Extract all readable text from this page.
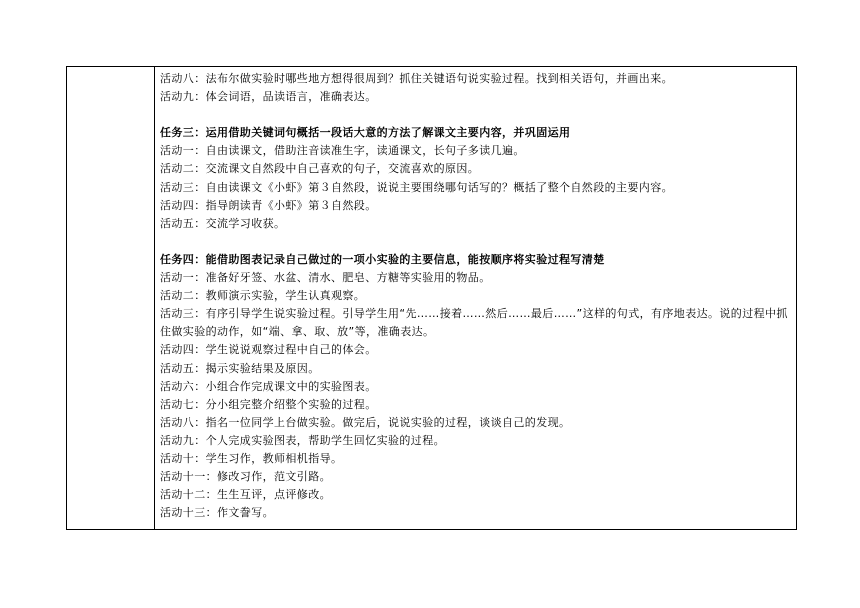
活动八：法布尔做实验时哪些地方想得很周到？抓住关键语句说实验过程。找到相关语句，并画出来。
活动九：体会词语，品读语言，准确表达。
任务三：运用借助关键词句概括一段话大意的方法了解课文主要内容，并巩固运用
活动一：自由读课文，借助注音读准生字，读通课文，长句子多读几遍。
活动二：交流课文自然段中自己喜欢的句子，交流喜欢的原因。
活动三：自由读课文《小虾》第３自然段，说说主要围绕哪句话写的？概括了整个自然段的主要内容。
活动四：指导朗读青《小虾》第３自然段。
活动五：交流学习收获。
任务四：能借助图表记录自己做过的一项小实验的主要信息，能按顺序将实验过程写清楚
活动一：准备好牙签、水盆、清水、肥皂、方糖等实验用的物品。
活动二：教师演示实验，学生认真观察。
活动三：有序引导学生说实验过程。引导学生用“先……接着……然后……最后……”这样的句式，有序地表达。说的过程中抓住做实验的动作，如“端、拿、取、放”等，准确表达。
活动四：学生说说观察过程中自己的体会。
活动五：揭示实验结果及原因。
活动六：小组合作完成课文中的实验图表。
活动七：分小组完整介绍整个实验的过程。
活动八：指名一位同学上台做实验。做完后，说说实验的过程，谈谈自己的发现。
活动九：个人完成实验图表，帮助学生回忆实验的过程。
活动十：学生习作，教师相机指导。
活动十一：修改习作，范文引路。
活动十二：生生互评，点评修改。
活动十三：作文誊写。
